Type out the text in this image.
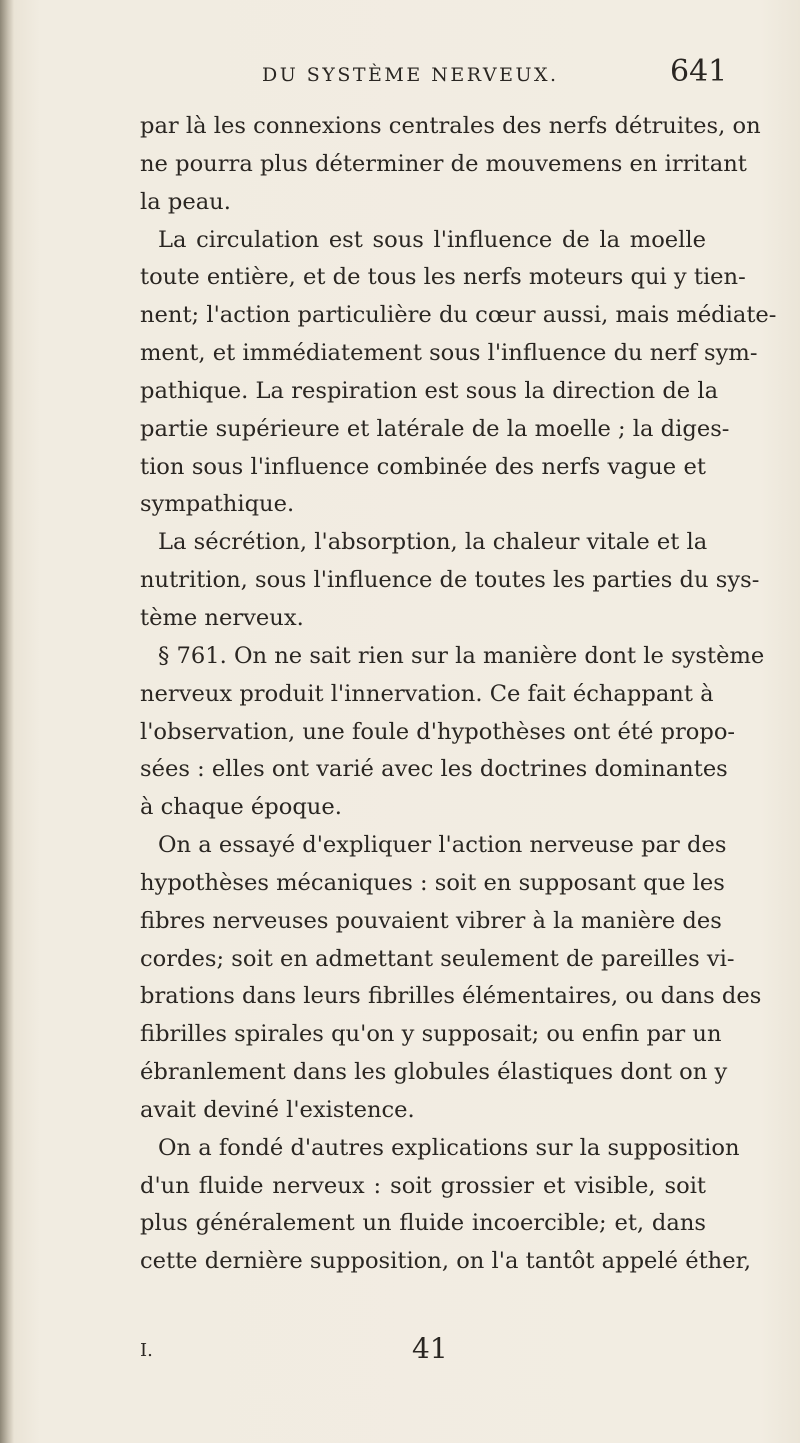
DU SYSTÈME NERVEUX.	641
par là les connexions centrales des nerfs détruites, on
ne pourra plus déterminer de mouvemens en irritant
la peau.
La circulation est sous l'influence de la moelle
toute entière, et de tous les nerfs moteurs qui y tien-
nent; l'action particulière du cœur aussi, mais médiate-
ment, et immédiatement sous l'influence du nerf sym-
pathique. La respiration est sous la direction de la
partie supérieure et latérale de la moelle ; la diges-
tion sous l'influence combinée des nerfs vague et
sympathique.
La sécrétion, l'absorption, la chaleur vitale et la
nutrition, sous l'influence de toutes les parties du sys-
tème nerveux.
§ 761. On ne sait rien sur la manière dont le système
nerveux produit l'innervation. Ce fait échappant à
l'observation, une foule d'hypothèses ont été propo-
sées : elles ont varié avec les doctrines dominantes
à chaque époque.
On a essayé d'expliquer l'action nerveuse par des
hypothèses mécaniques : soit en supposant que les
fibres nerveuses pouvaient vibrer à la manière des
cordes; soit en admettant seulement de pareilles vi-
brations dans leurs fibrilles élémentaires, ou dans des
fibrilles spirales qu'on y supposait; ou enfin par un
ébranlement dans les globules élastiques dont on y
avait deviné l'existence.
On a fondé d'autres explications sur la supposition
d'un fluide nerveux : soit grossier et visible, soit
plus généralement un fluide incoercible; et, dans
cette dernière supposition, on l'a tantôt appelé éther,
I.	41
